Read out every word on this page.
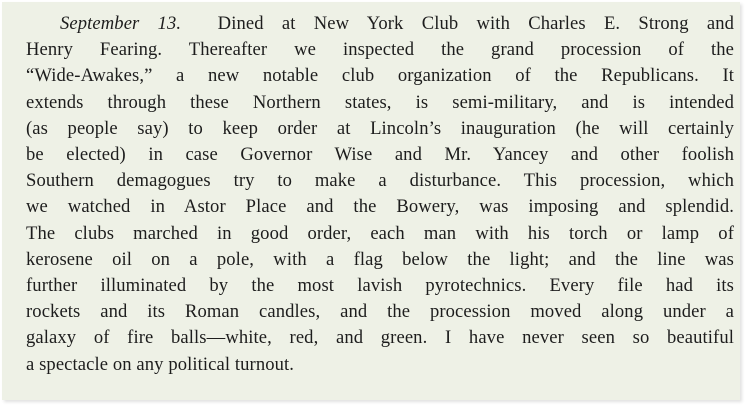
September 13. Dined at New York Club with Charles E. Strong and
Henry Fearing. Thereafter we inspected the grand procession of the
“Wide-Awakes,” a new notable club organization of the Republicans. It
extends through these Northern states, is semi-military, and is intended
(as people say) to keep order at Lincoln’s inauguration (he will certainly
be elected) in case Governor Wise and Mr. Yancey and other foolish
Southern demagogues try to make a disturbance. This procession, which
we watched in Astor Place and the Bowery, was imposing and splendid.
The clubs marched in good order, each man with his torch or lamp of
kerosene oil on a pole, with a flag below the light; and the line was
further illuminated by the most lavish pyrotechnics. Every file had its
rockets and its Roman candles, and the procession moved along under a
galaxy of fire balls—white, red, and green. I have never seen so beautiful
a spectacle on any political turnout.
